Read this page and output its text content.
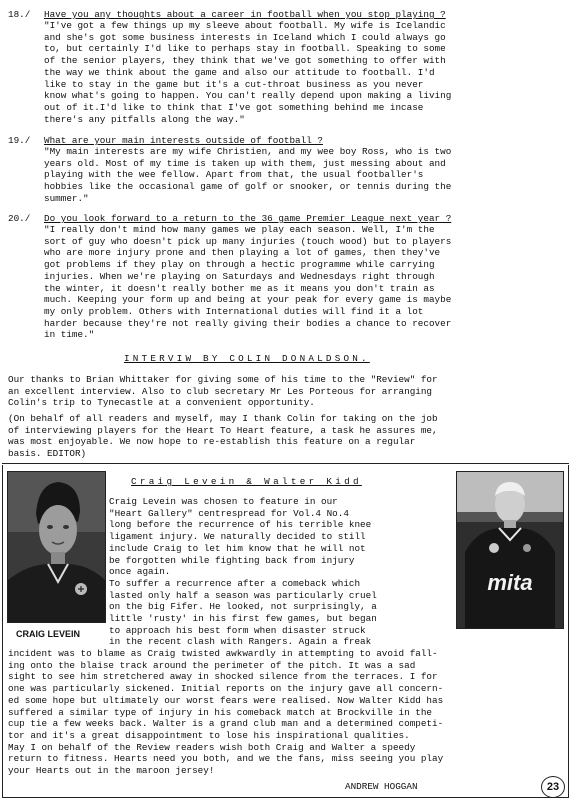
18./ Have you any thoughts about a career in football when you stop playing ?
"I've got a few things up my sleeve about football. My wife is Icelandic
and she's got some business interests in Iceland which I could always go
to, but certainly I'd like to perhaps stay in football. Speaking to some
of the senior players, they think that we've got something to offer with
the way we think about the game and also our attitude to football. I'd
like to stay in the game but it's a cut-throat business as you never
know what's going to happen. You can't really depend upon making a living
out of it.I'd like to think that I've got something behind me incase
there's any pitfalls along the way."
19./ What are your main interests outside of football ?
"My main interests are my wife Christien, and my wee boy Ross, who is two
years old. Most of my time is taken up with them, just messing about and
playing with the wee fellow. Apart from that, the usual footballer's
hobbies like the occasional game of golf or snooker, or tennis during the
summer."
20./ Do you look forward to a return to the 36 game Premier League next year ?
"I really don't mind how many games we play each season. Well, I'm the
sort of guy who doesn't pick up many injuries (touch wood) but to players
who are more injury prone and then playing a lot of games, then they've
got problems if they play on through a hectic programme while carrying
injuries. When we're playing on Saturdays and Wednesdays right through
the winter, it doesn't really bother me as it means you don't train as
much. Keeping your form up and being at your peak for every game is maybe
my only problem. Others with International duties will find it a lot
harder because they're not really giving their bodies a chance to recover
in time."
INTERVIW BY COLIN DONALDSON.
Our thanks to Brian Whittaker for giving some of his time to the "Review" for
an excellent interview. Also to club secretary Mr Les Porteous for arranging
Colin's trip to Tynecastle at a convenient opportunity.
(On behalf of all readers and myself, may I thank Colin for taking on the job
of interviewing players for the Heart To Heart feature, a task he assures me,
was most enjoyable. We now hope to re-establish this feature on a regular
basis. EDITOR)
CRAIG LEVEIN
mita
Craig Levein & Walter Kidd
Craig Levein was chosen to feature in our
"Heart Gallery" centrespread for Vol.4 No.4
long before the recurrence of his terrible knee
ligament injury. We naturally decided to still
include Craig to let him know that he will not
be forgotten while fighting back from injury
once again.
To suffer a recurrence after a comeback which
lasted only half a season was particularly cruel
on the big Fifer. He looked, not surprisingly, a
little 'rusty' in his first few games, but began
to approach his best form when disaster struck
in the recent clash with Rangers. Again a freak
incident was to blame as Craig twisted awkwardly in attempting to avoid fall-
ing onto the blaise track around the perimeter of the pitch. It was a sad
sight to see him stretchered away in shocked silence from the terraces. I for
one was particularly sickened. Initial reports on the injury gave all concern-
ed some hope but ultimately our worst fears were realised. Now Walter Kidd has
suffered a similar type of injury in his comeback match at Brockville in the
cup tie a few weeks back. Walter is a grand club man and a determined competi-
tor and it's a great disappointment to lose his inspirational qualities.
May I on behalf of the Review readers wish both Craig and Walter a speedy
return to fitness. Hearts need you both, and we the fans, miss seeing you play
your Hearts out in the maroon jersey!
ANDREW HOGGAN	23
